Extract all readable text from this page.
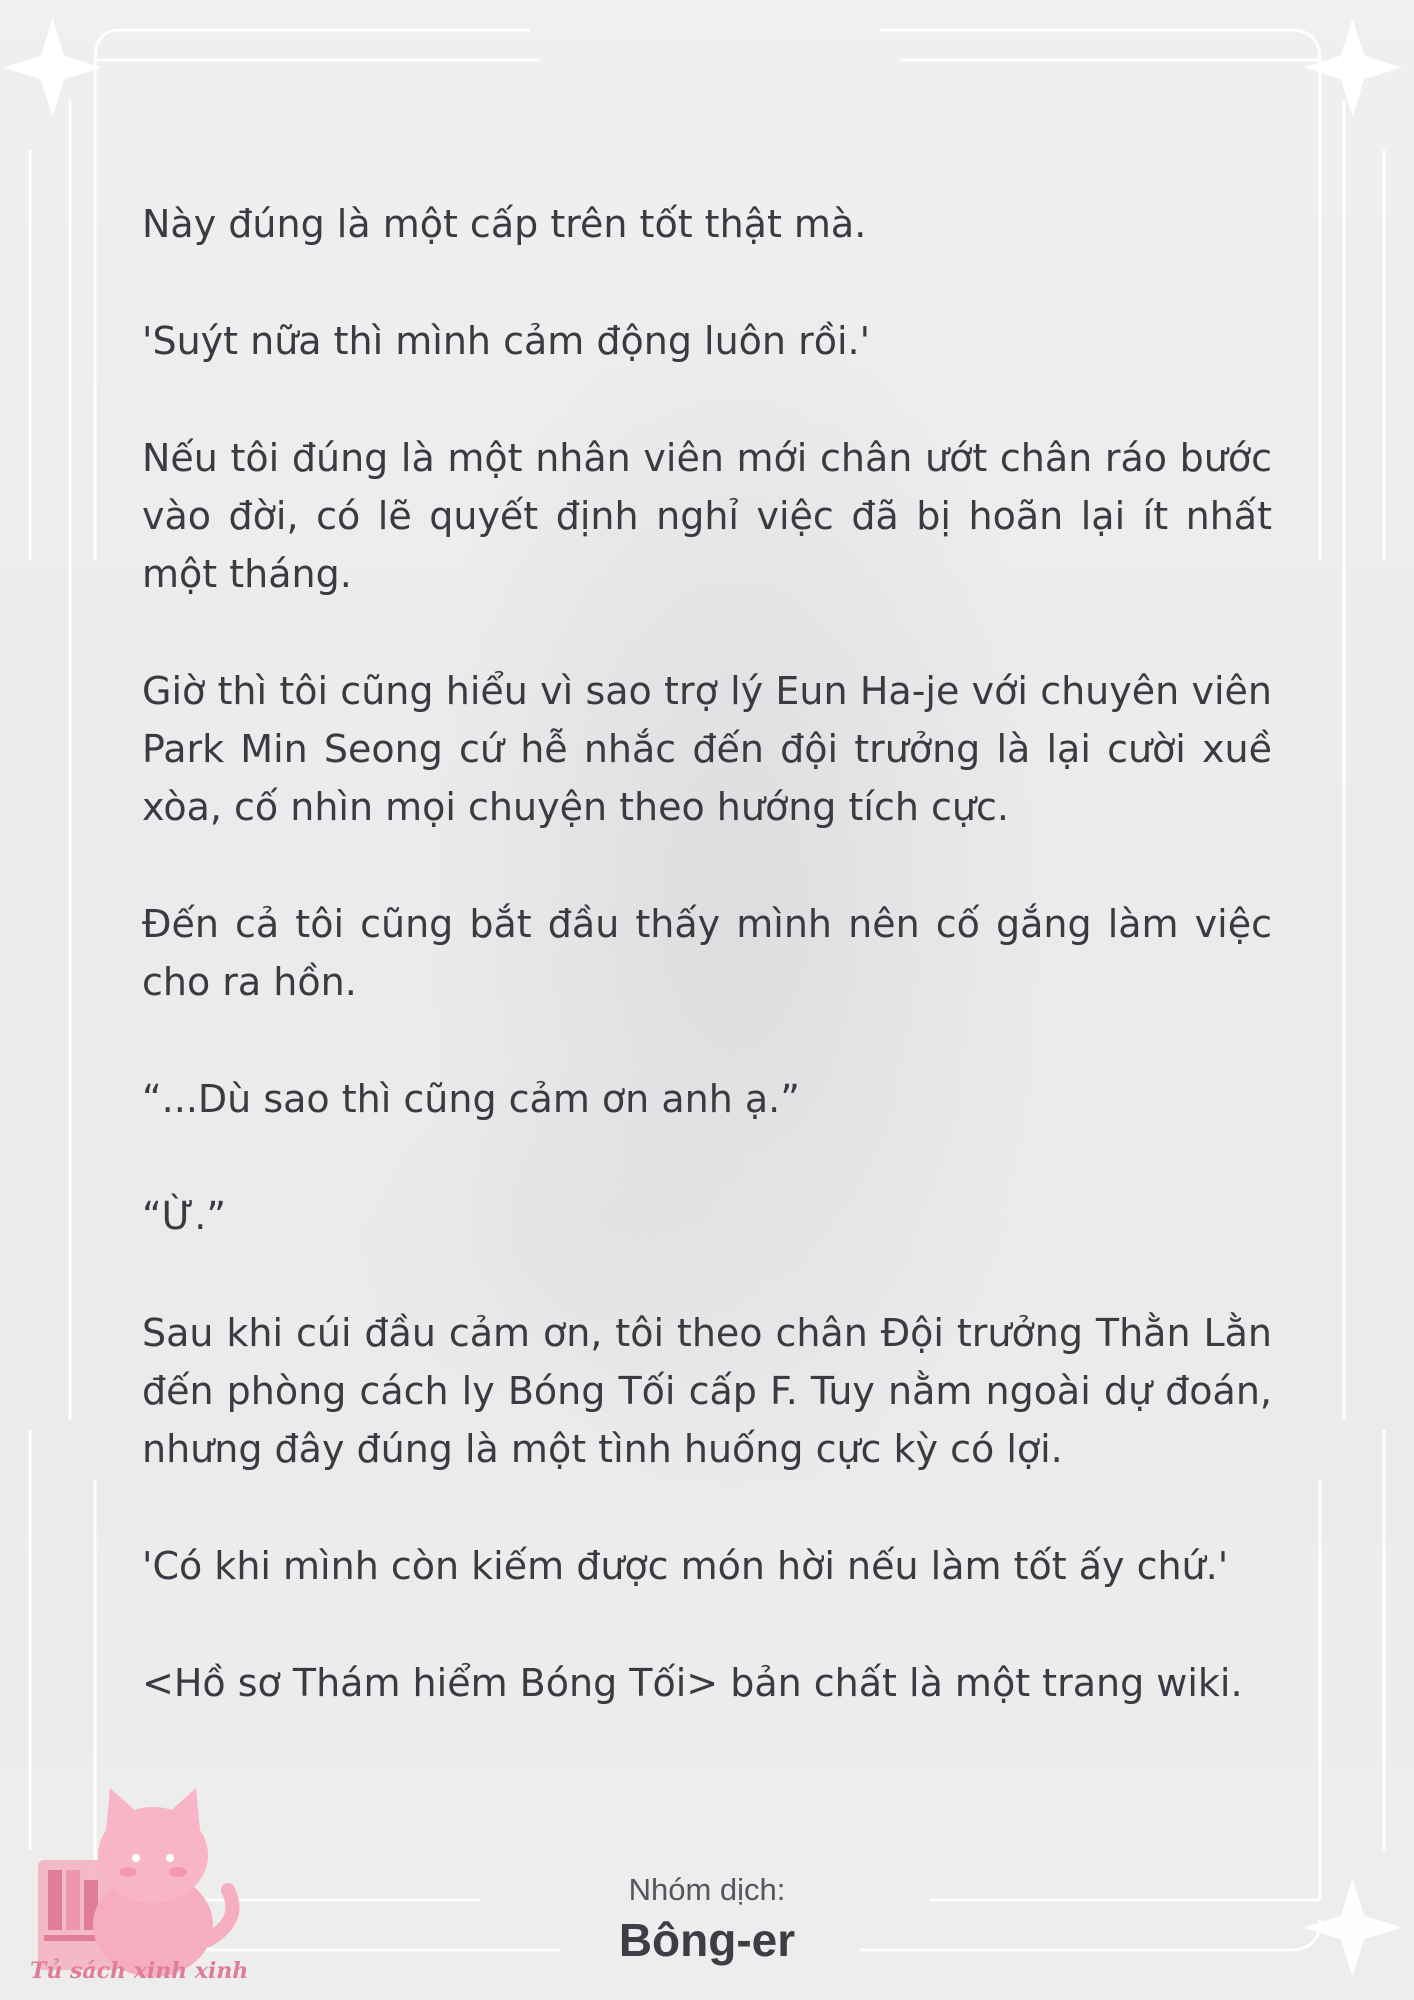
Này đúng là một cấp trên tốt thật mà.

'Suýt nữa thì mình cảm động luôn rồi.'

Nếu tôi đúng là một nhân viên mới chân ướt chân ráo bước vào đời, có lẽ quyết định nghỉ việc đã bị hoãn lại ít nhất một tháng.

Giờ thì tôi cũng hiểu vì sao trợ lý Eun Ha-je với chuyên viên Park Min Seong cứ hễ nhắc đến đội trưởng là lại cười xuề xòa, cố nhìn mọi chuyện theo hướng tích cực.

Đến cả tôi cũng bắt đầu thấy mình nên cố gắng làm việc cho ra hồn.

“...Dù sao thì cũng cảm ơn anh ạ.”

“Ừ.”

Sau khi cúi đầu cảm ơn, tôi theo chân Đội trưởng Thằn Lằn đến phòng cách ly Bóng Tối cấp F. Tuy nằm ngoài dự đoán, nhưng đây đúng là một tình huống cực kỳ có lợi.

'Có khi mình còn kiếm được món hời nếu làm tốt ấy chứ.'

<Hồ sơ Thám hiểm Bóng Tối> bản chất là một trang wiki.

Nhóm dịch:
Bông-er
Tủ sách xinh xinh
